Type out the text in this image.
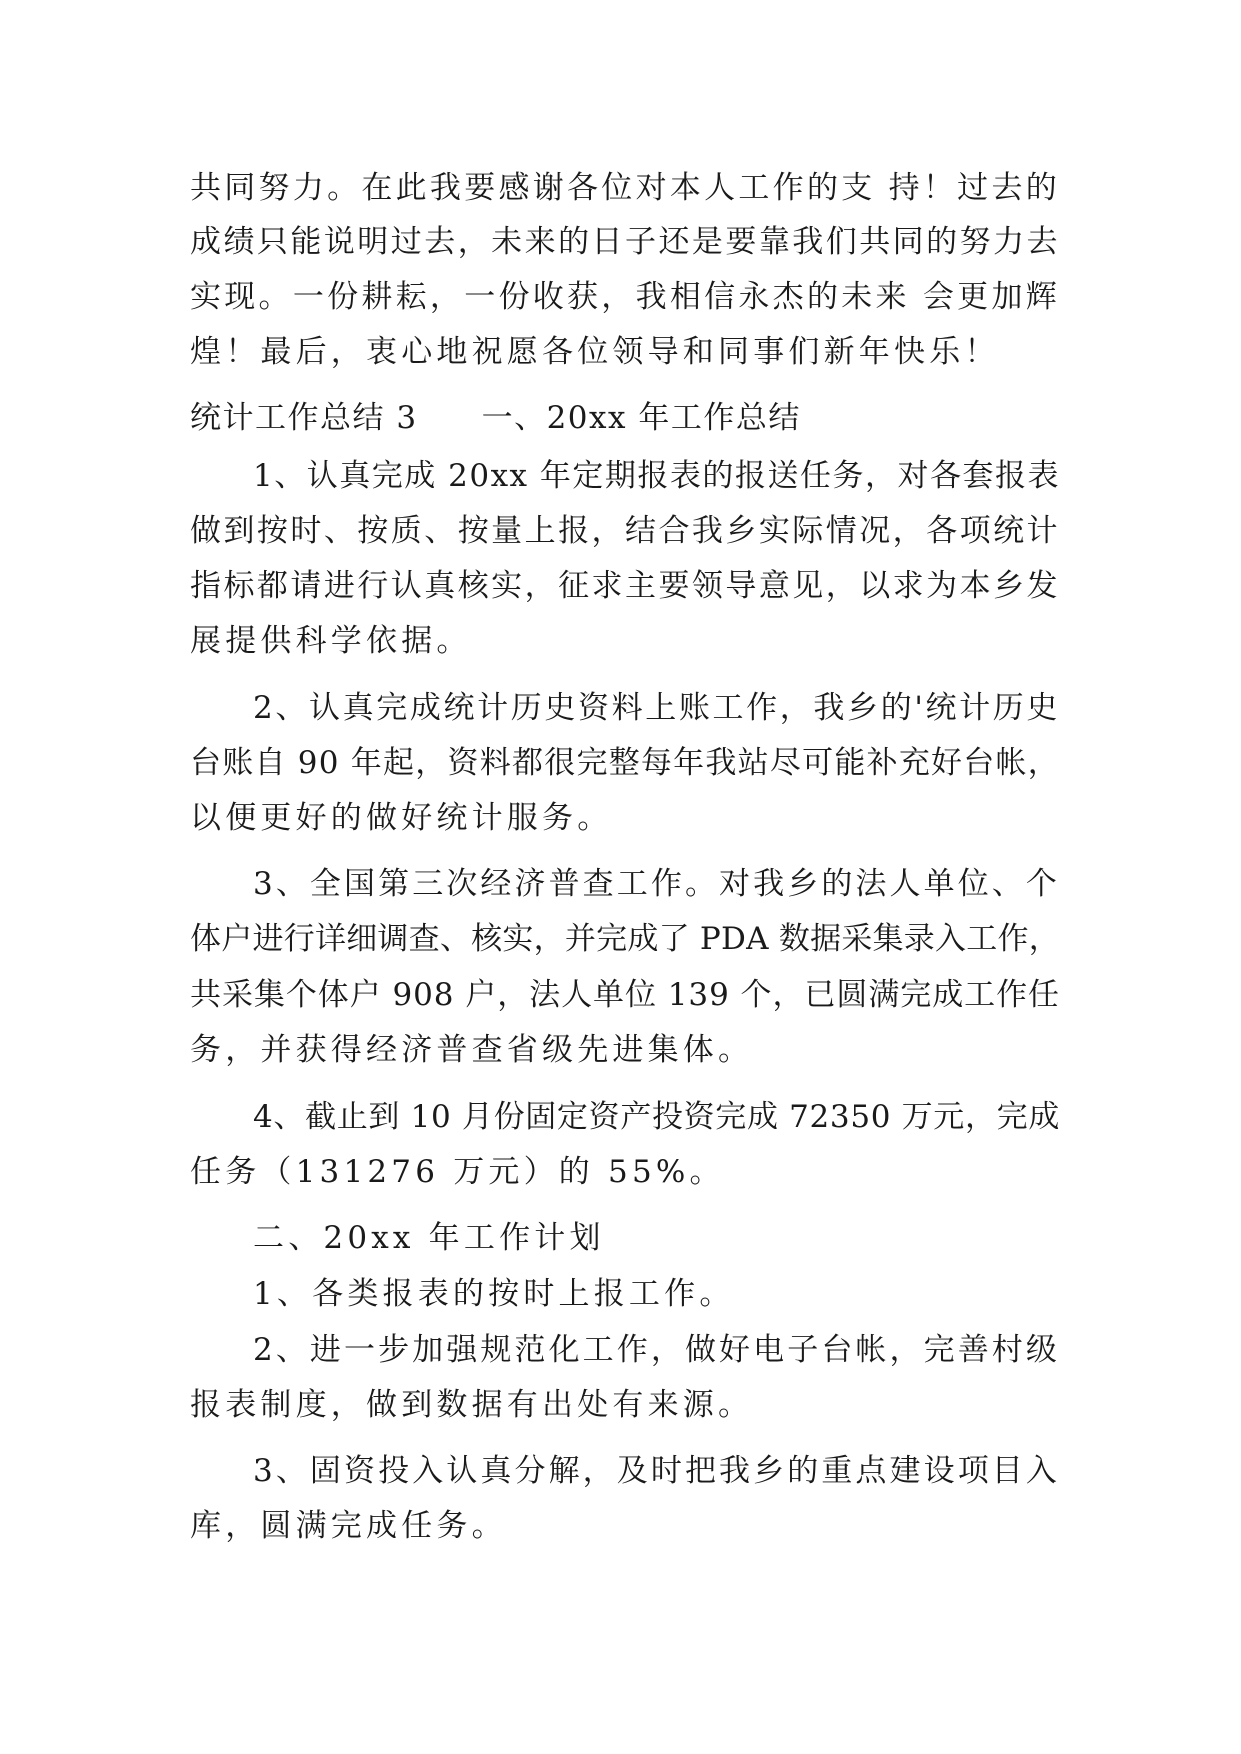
共同努力。在此我要感谢各位对本人工作的支 持！过去的
成绩只能说明过去，未来的日子还是要靠我们共同的努力去
实现。一份耕耘，一份收获，我相信永杰的未来 会更加辉
煌！最后，衷心地祝愿各位领导和同事们新年快乐！
统计工作总结 3 一、20xx 年工作总结
1、认真完成 20xx 年定期报表的报送任务，对各套报表
做到按时、按质、按量上报，结合我乡实际情况，各项统计
指标都请进行认真核实，征求主要领导意见，以求为本乡发
展提供科学依据。
2、认真完成统计历史资料上账工作，我乡的'统计历史
台账自 90 年起，资料都很完整每年我站尽可能补充好台帐，
以便更好的做好统计服务。
3、全国第三次经济普查工作。对我乡的法人单位、个
体户进行详细调查、核实，并完成了 PDA 数据采集录入工作，
共采集个体户 908 户，法人单位 139 个，已圆满完成工作任
务，并获得经济普查省级先进集体。
4、截止到 10 月份固定资产投资完成 72350 万元，完成
任务（131276 万元）的 55%。
二、20xx 年工作计划
1、各类报表的按时上报工作。
2、进一步加强规范化工作，做好电子台帐，完善村级
报表制度，做到数据有出处有来源。
3、固资投入认真分解，及时把我乡的重点建设项目入
库，圆满完成任务。
